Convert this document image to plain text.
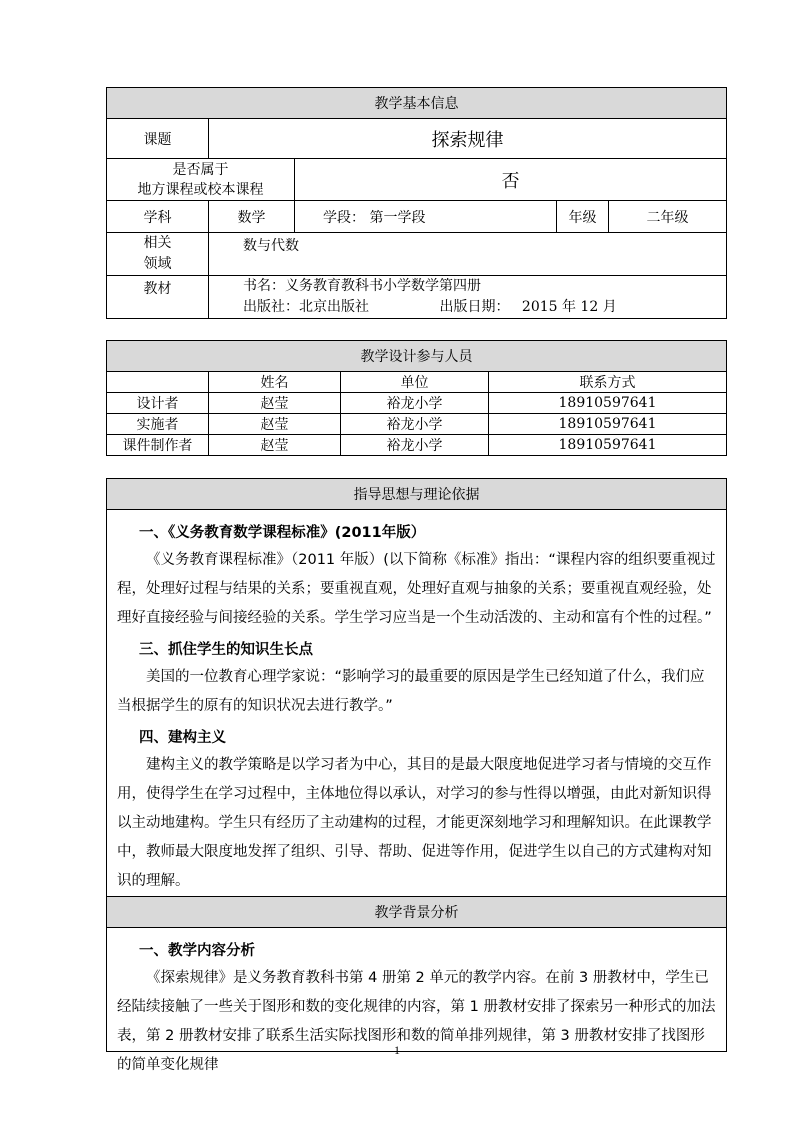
教学基本信息				
课题	探索规律			

是否属于
地方课程或校本课程		否		
学科	数学	学段： 第一学段	年级	二年级

相关
领域	数与代数			
教材	书名：义务教育教科书小学数学第四册
出版社：北京出版社 出版日期： 2015 年 12 月			
教学设计参与人员			
	姓名	单位	联系方式
设计者	赵莹	裕龙小学	18910597641
实施者	赵莹	裕龙小学	18910597641
课件制作者	赵莹	裕龙小学	18910597641
指导思想与理论依据

一、《义务教育数学课程标准》(2011年版）

《义务教育课程标准》（2011 年版）(以下简称《标准》指出：“课程内容的组织要重视过程，处理好过程与结果的关系；要重视直观，处理好直观与抽象的关系；要重视直观经验，处理好直接经验与间接经验的关系。学生学习应当是一个生动活泼的、主动和富有个性的过程。”

三、抓住学生的知识生长点

美国的一位教育心理学家说：“影响学习的最重要的原因是学生已经知道了什么，我们应当根据学生的原有的知识状况去进行教学。”

四、建构主义

建构主义的教学策略是以学习者为中心，其目的是最大限度地促进学习者与情境的交互作用，使得学生在学习过程中，主体地位得以承认，对学习的参与性得以增强，由此对新知识得以主动地建构。学生只有经历了主动建构的过程，才能更深刻地学习和理解知识。在此课教学中，教师最大限度地发挥了组织、引导、帮助、促进等作用，促进学生以自己的方式建构对知识的理解。

教学背景分析

一、教学内容分析

《探索规律》是义务教育教科书第 4 册第 2 单元的教学内容。在前 3 册教材中，学生已经陆续接触了一些关于图形和数的变化规律的内容，第 1 册教材安排了探索另一种形式的加法表，第 2 册教材安排了联系生活实际找图形和数的简单排列规律，第 3 册教材安排了找图形的简单变化规律

1
